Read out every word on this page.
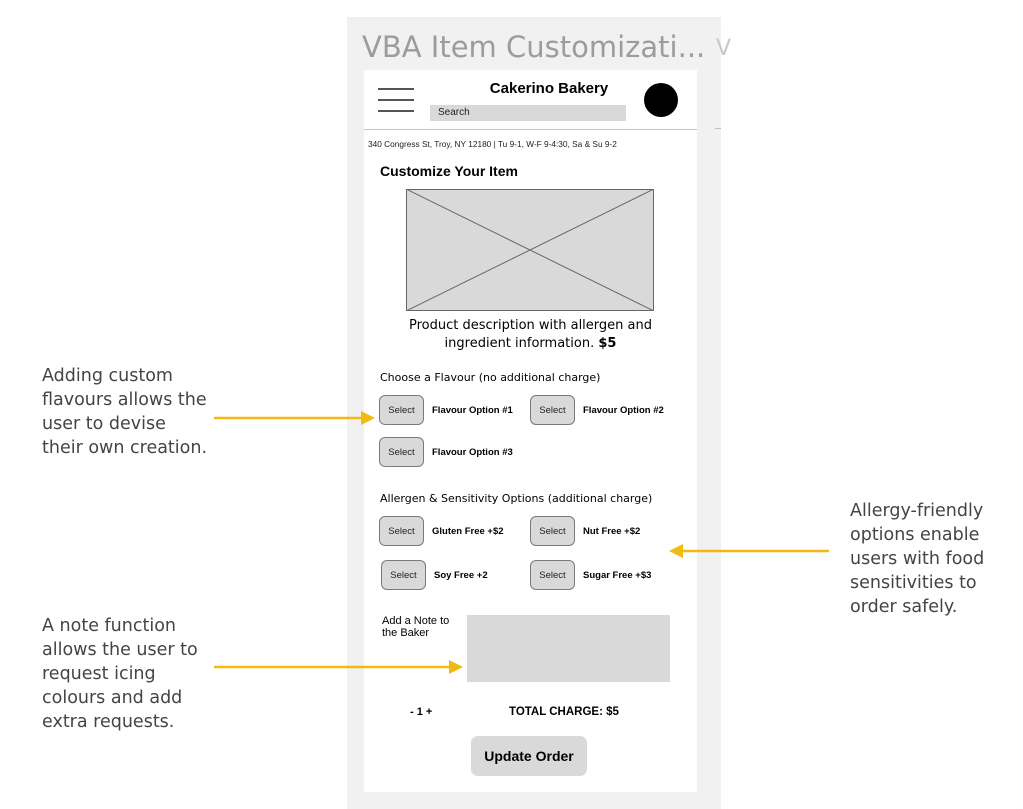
VBA Item Customizati... V
Cakerino Bakery
Search
340 Congress St, Troy, NY 12180 | Tu 9-1, W-F 9-4:30, Sa & Su 9-2
Customize Your Item
Product description with allergen and ingredient information. $5
Choose a Flavour (no additional charge)
Select	Flavour Option #1	Select	Flavour Option #2
Select	Flavour Option #3
Allergen & Sensitivity Options (additional charge)
Select	Gluten Free +$2	Select	Nut Free +$2
Select	Soy Free +2	Select	Sugar Free +$3
Add a Note to the Baker
- 1 +	TOTAL CHARGE: $5
Update Order
Adding custom flavours allows the user to devise their own creation.
A note function allows the user to request icing colours and add extra requests.
Allergy-friendly options enable users with food sensitivities to order safely.
